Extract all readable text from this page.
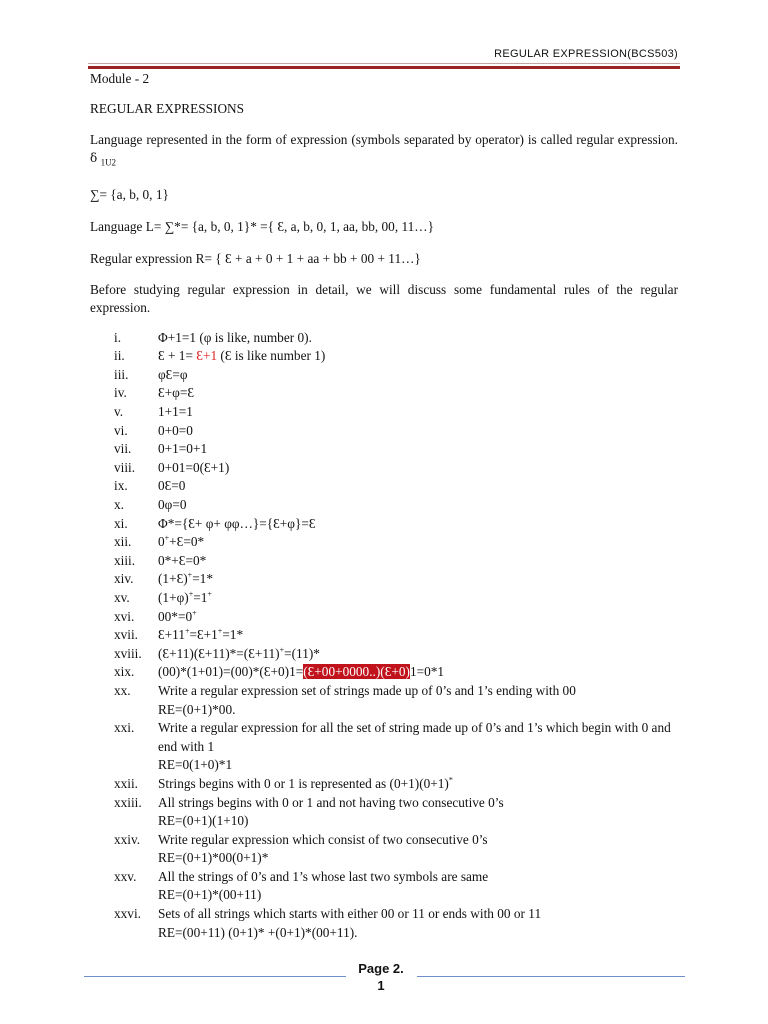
REGULAR EXPRESSION(BCS503)

Module - 2

REGULAR EXPRESSIONS

Language represented in the form of expression (symbols separated by operator) is called regular expression. δ $_{1U2}$

∑= {a, b, 0, 1}

Language L= ∑*= {a, b, 0, 1}* ={ Ɛ, a, b, 0, 1, aa, bb, 00, 11…}

Regular expression R= { Ɛ + a + 0 + 1 + aa + bb + 00 + 11…}

Before studying regular expression in detail, we will discuss some fundamental rules of the regular expression.

i.	Φ+1=1 (φ is like, number 0).
ii.	Ɛ + 1= Ɛ+1 (Ɛ is like number 1)
iii. φƐ=φ
iv. Ɛ+φ=Ɛ
v.	1+1=1
vi. 0+0=0
vii. 0+1=0+1
viii. 0+01=0(Ɛ+1)
ix. 0Ɛ=0
x.	0φ=0
xi. Φ*={Ɛ+ φ+ φφ…}={Ɛ+φ}=Ɛ
xii. 0++Ɛ=0*
xiii. 0*+Ɛ=0*
xiv. (1+Ɛ)+=1*
xv. (1+φ)+=1+
xvi. 00*=0+
xvii. Ɛ+11+=Ɛ+1+=1*
xviii. (Ɛ+11)(Ɛ+11)*=(Ɛ+11)+=(11)*
xix. (00)*(1+01)=(00)*(Ɛ+0)1=(Ɛ+00+0000..)(Ɛ+0)1=0*1
xx. Write a regular expression set of strings made up of 0’s and 1’s ending with 00
RE=(0+1)*00.
xxi. Write a regular expression for all the set of string made up of 0’s and 1’s which begin with 0 and end with 1
RE=0(1+0)*1
xxii. Strings begins with 0 or 1 is represented as (0+1)(0+1)*
xxiii. All strings begins with 0 or 1 and not having two consecutive 0’s
RE=(0+1)(1+10)
xxiv. Write regular expression which consist of two consecutive 0’s
RE=(0+1)*00(0+1)*
xxv. All the strings of 0’s and 1’s whose last two symbols are same
RE=(0+1)*(00+11)
xxvi. Sets of all strings which starts with either 00 or 11 or ends with 00 or 11
RE=(00+11) (0+1)* +(0+1)*(00+11).
Page 2.
1
